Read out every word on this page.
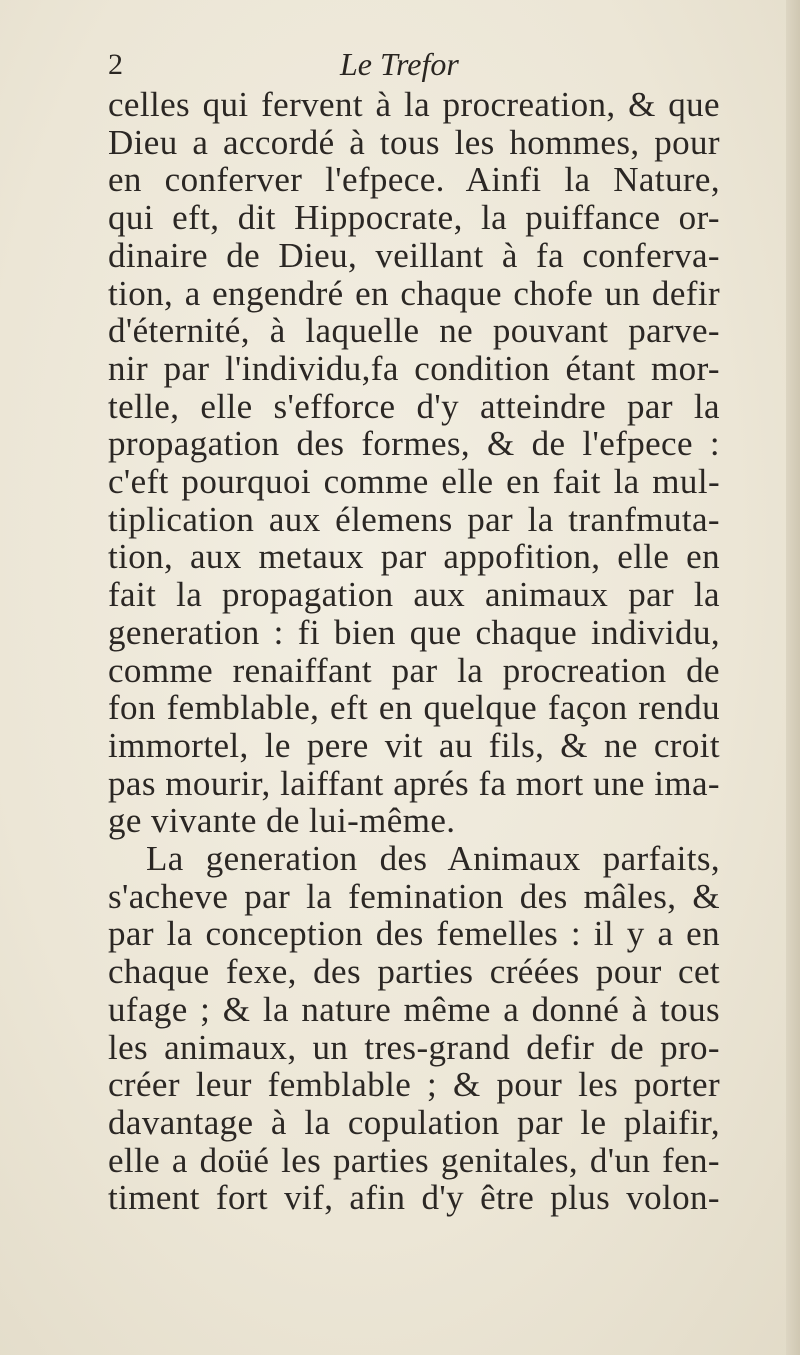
2	Le Trefor
celles qui fervent à la procreation, & que
Dieu a accordé à tous les hommes, pour
en conferver l'efpece. Ainfi la Nature,
qui eft, dit Hippocrate, la puiffance or-
dinaire de Dieu, veillant à fa conferva-
tion, a engendré en chaque chofe un defir
d'éternité, à laquelle ne pouvant parve-
nir par l'individu,fa condition étant mor-
telle, elle s'efforce d'y atteindre par la
propagation des formes, & de l'efpece :
c'eft pourquoi comme elle en fait la mul-
tiplication aux élemens par la tranfmuta-
tion, aux metaux par appofition, elle en
fait la propagation aux animaux par la
generation : fi bien que chaque individu,
comme renaiffant par la procreation de
fon femblable, eft en quelque façon rendu
immortel, le pere vit au fils, & ne croit
pas mourir, laiffant aprés fa mort une ima-
ge vivante de lui-même.
La generation des Animaux parfaits,
s'acheve par la femination des mâles, &
par la conception des femelles : il y a en
chaque fexe, des parties créées pour cet
ufage ; & la nature même a donné à tous
les animaux, un tres-grand defir de pro-
créer leur femblable ; & pour les porter
davantage à la copulation par le plaifir,
elle a doüé les parties genitales, d'un fen-
timent fort vif, afin d'y être plus volon-
